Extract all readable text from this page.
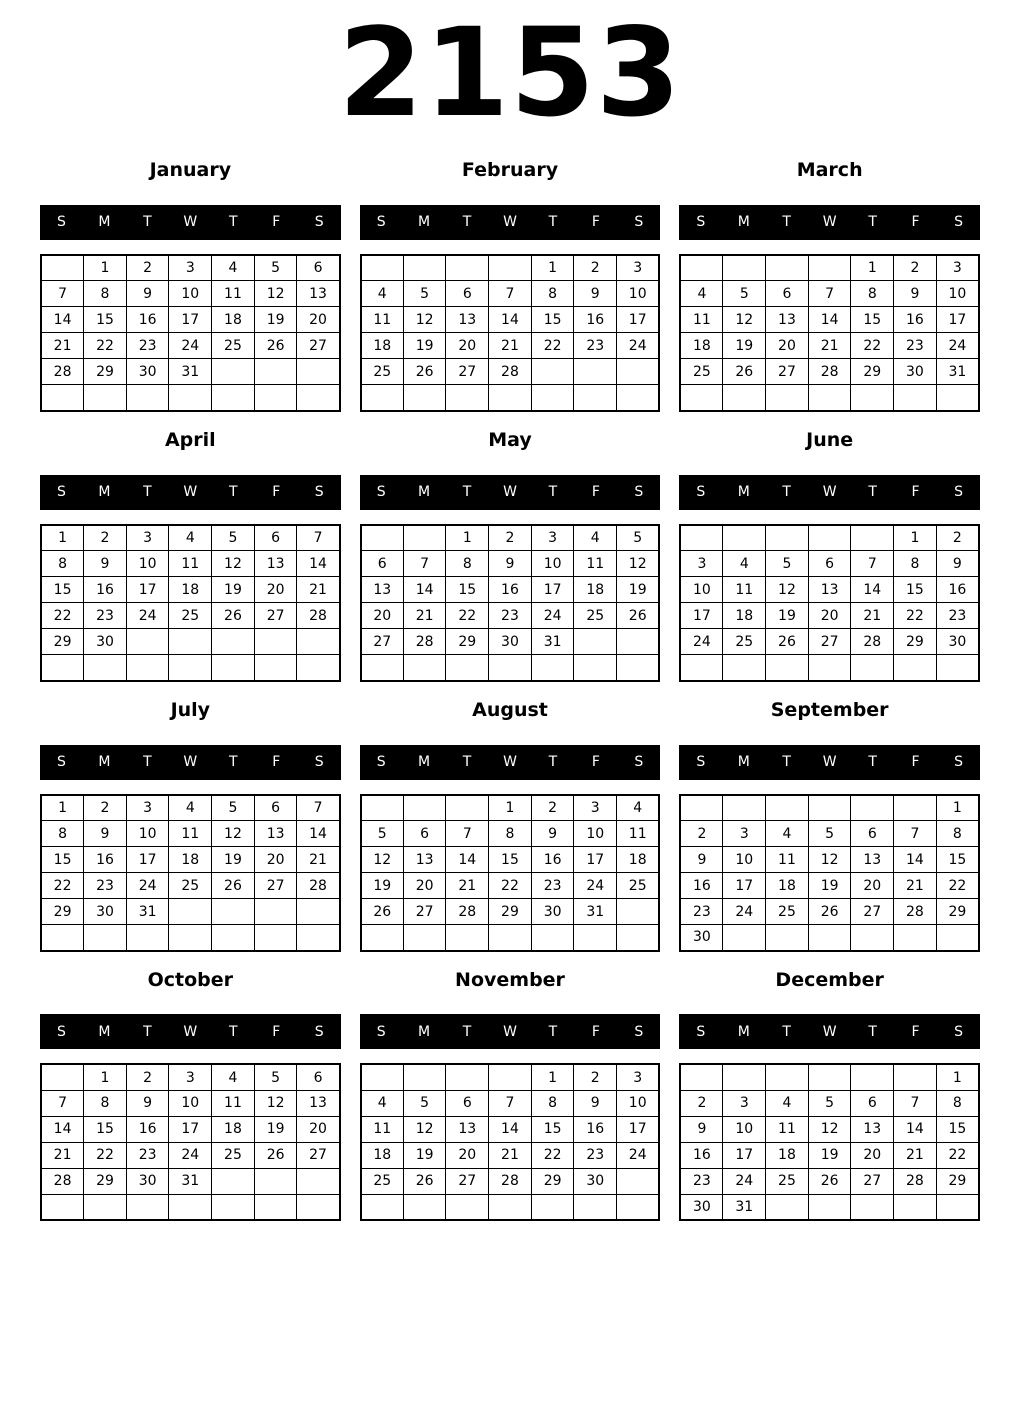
2153
January
S	M	T	W	T	F	S
	1	2	3	4	5	6
7	8	9	10	11	12	13
14	15	16	17	18	19	20
21	22	23	24	25	26	27
28	29	30	31			

February
S	M	T	W	T	F	S
				1	2	3
4	5	6	7	8	9	10
11	12	13	14	15	16	17
18	19	20	21	22	23	24
25	26	27	28			

March
S	M	T	W	T	F	S
				1	2	3
4	5	6	7	8	9	10
11	12	13	14	15	16	17
18	19	20	21	22	23	24
25	26	27	28	29	30	31

April
S	M	T	W	T	F	S
1	2	3	4	5	6	7
8	9	10	11	12	13	14
15	16	17	18	19	20	21
22	23	24	25	26	27	28
29	30					

May
S	M	T	W	T	F	S
		1	2	3	4	5
6	7	8	9	10	11	12
13	14	15	16	17	18	19
20	21	22	23	24	25	26
27	28	29	30	31		

June
S	M	T	W	T	F	S
					1	2
3	4	5	6	7	8	9
10	11	12	13	14	15	16
17	18	19	20	21	22	23
24	25	26	27	28	29	30

July
S	M	T	W	T	F	S
1	2	3	4	5	6	7
8	9	10	11	12	13	14
15	16	17	18	19	20	21
22	23	24	25	26	27	28
29	30	31				

August
S	M	T	W	T	F	S
			1	2	3	4
5	6	7	8	9	10	11
12	13	14	15	16	17	18
19	20	21	22	23	24	25
26	27	28	29	30	31	

September
S	M	T	W	T	F	S
						1
2	3	4	5	6	7	8
9	10	11	12	13	14	15
16	17	18	19	20	21	22
23	24	25	26	27	28	29
30						
October
S	M	T	W	T	F	S
	1	2	3	4	5	6
7	8	9	10	11	12	13
14	15	16	17	18	19	20
21	22	23	24	25	26	27
28	29	30	31			

November
S	M	T	W	T	F	S
				1	2	3
4	5	6	7	8	9	10
11	12	13	14	15	16	17
18	19	20	21	22	23	24
25	26	27	28	29	30	

December
S	M	T	W	T	F	S
						1
2	3	4	5	6	7	8
9	10	11	12	13	14	15
16	17	18	19	20	21	22
23	24	25	26	27	28	29
30	31					
